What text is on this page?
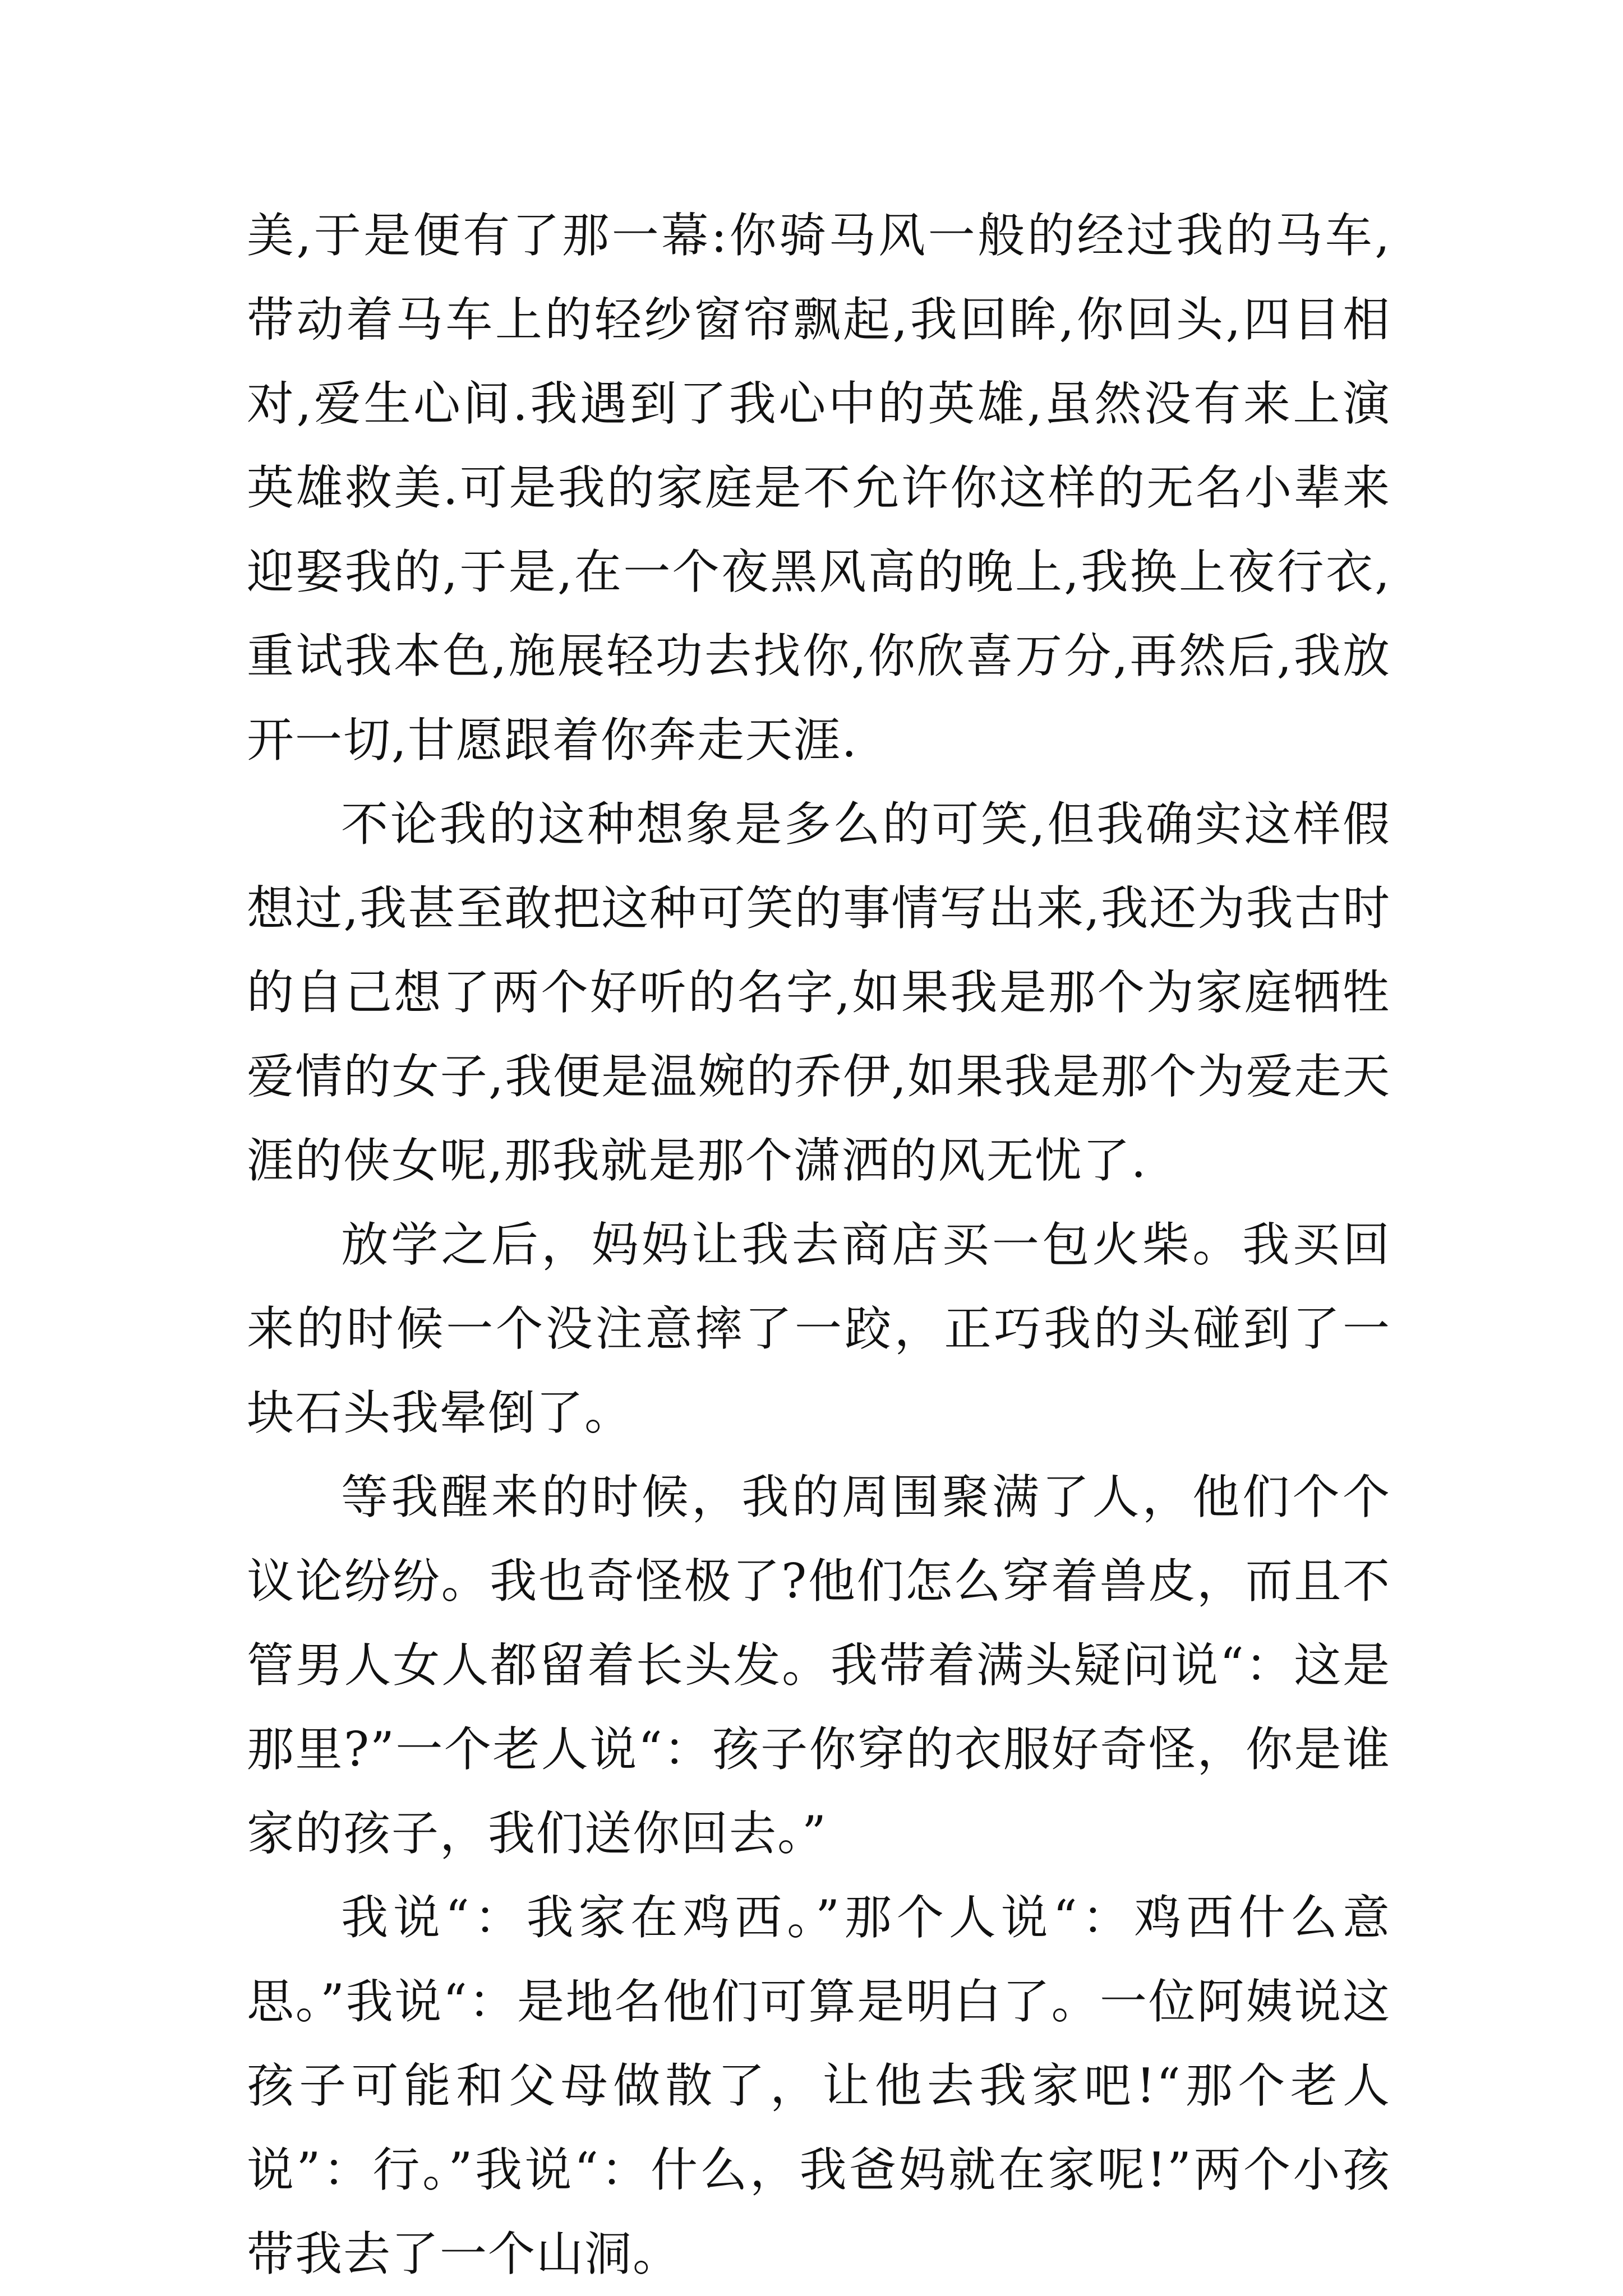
美,于是便有了那一幕:你骑马风一般的经过我的马车,带动着马车上的轻纱窗帘飘起,我回眸,你回头,四目相对,爱生心间.我遇到了我心中的英雄,虽然没有来上演英雄救美.可是我的家庭是不允许你这样的无名小辈来迎娶我的,于是,在一个夜黑风高的晚上,我换上夜行衣,重试我本色,施展轻功去找你,你欣喜万分,再然后,我放开一切,甘愿跟着你奔走天涯.

不论我的这种想象是多么的可笑,但我确实这样假想过,我甚至敢把这种可笑的事情写出来,我还为我古时的自己想了两个好听的名字,如果我是那个为家庭牺牲爱情的女子,我便是温婉的乔伊,如果我是那个为爱走天涯的侠女呢,那我就是那个潇洒的风无忧了.

放学之后，妈妈让我去商店买一包火柴。我买回来的时候一个没注意摔了一跤，正巧我的头碰到了一块石头我晕倒了。

等我醒来的时候，我的周围聚满了人，他们个个议论纷纷。我也奇怪极了?他们怎么穿着兽皮，而且不管男人女人都留着长头发。我带着满头疑问说“：这是那里?”一个老人说“：孩子你穿的衣服好奇怪，你是谁家的孩子，我们送你回去。”

我说“：我家在鸡西。”那个人说“：鸡西什么意思。”我说“：是地名他们可算是明白了。一位阿姨说这孩子可能和父母做散了，让他去我家吧!“那个老人说”：行。”我说“：什么，我爸妈就在家呢!”两个小孩带我去了一个山洞。
